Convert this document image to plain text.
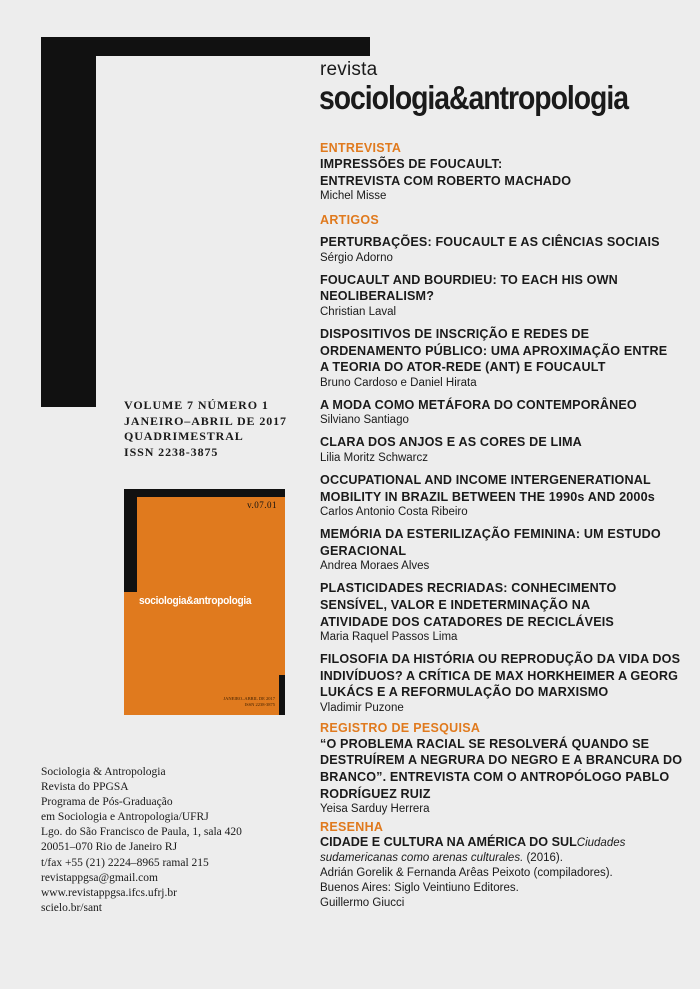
revista
sociologia&antropologia
VOLUME 7 NÚMERO 1
JANEIRO–ABRIL DE 2017
QUADRIMESTRAL
ISSN 2238-3875
v.07.01
sociologia&antropologia
JANEIRO–ABRIL DE 2017
ISSN 2238-3875
Sociologia & Antropologia
Revista do PPGSA
Programa de Pós-Graduação
em Sociologia e Antropologia/UFRJ
Lgo. do São Francisco de Paula, 1, sala 420
20051–070 Rio de Janeiro RJ
t/fax +55 (21) 2224–8965 ramal 215
revistappgsa@gmail.com
www.revistappgsa.ifcs.ufrj.br
scielo.br/sant
ENTREVISTA
IMPRESSÕES DE FOUCAULT:
ENTREVISTA COM ROBERTO MACHADO
Michel Misse
ARTIGOS
PERTURBAÇÕES: FOUCAULT E AS CIÊNCIAS SOCIAIS
Sérgio Adorno
FOUCAULT AND BOURDIEU: TO EACH HIS OWN
NEOLIBERALISM?
Christian Laval
DISPOSITIVOS DE INSCRIÇÃO E REDES DE
ORDENAMENTO PÚBLICO: UMA APROXIMAÇÃO ENTRE
A TEORIA DO ATOR-REDE (ANT) E FOUCAULT
Bruno Cardoso e Daniel Hirata
A MODA COMO METÁFORA DO CONTEMPORÂNEO
Silviano Santiago
CLARA DOS ANJOS E AS CORES DE LIMA
Lilia Moritz Schwarcz
OCCUPATIONAL AND INCOME INTERGENERATIONAL
MOBILITY IN BRAZIL BETWEEN THE 1990s AND 2000s
Carlos Antonio Costa Ribeiro
MEMÓRIA DA ESTERILIZAÇÃO FEMININA: UM ESTUDO
GERACIONAL
Andrea Moraes Alves
PLASTICIDADES RECRIADAS: CONHECIMENTO
SENSÍVEL, VALOR E INDETERMINAÇÃO NA
ATIVIDADE DOS CATADORES DE RECICLÁVEIS
Maria Raquel Passos Lima
FILOSOFIA DA HISTÓRIA OU REPRODUÇÃO DA VIDA DOS
INDIVÍDUOS? A CRÍTICA DE MAX HORKHEIMER A GEORG
LUKÁCS E A REFORMULAÇÃO DO MARXISMO
Vladimir Puzone
REGISTRO DE PESQUISA
“O PROBLEMA RACIAL SE RESOLVERÁ QUANDO SE
DESTRUÍREM A NEGRURA DO NEGRO E A BRANCURA DO
BRANCO”. ENTREVISTA COM O ANTROPÓLOGO PABLO
RODRÍGUEZ RUIZ
Yeisa Sarduy Herrera
RESENHA
CIDADE E CULTURA NA AMÉRICA DO SULCiudades
sudamericanas como arenas culturales. (2016).
Adrián Gorelik & Fernanda Arêas Peixoto (compiladores).
Buenos Aires: Siglo Veintiuno Editores.
Guillermo Giucci
